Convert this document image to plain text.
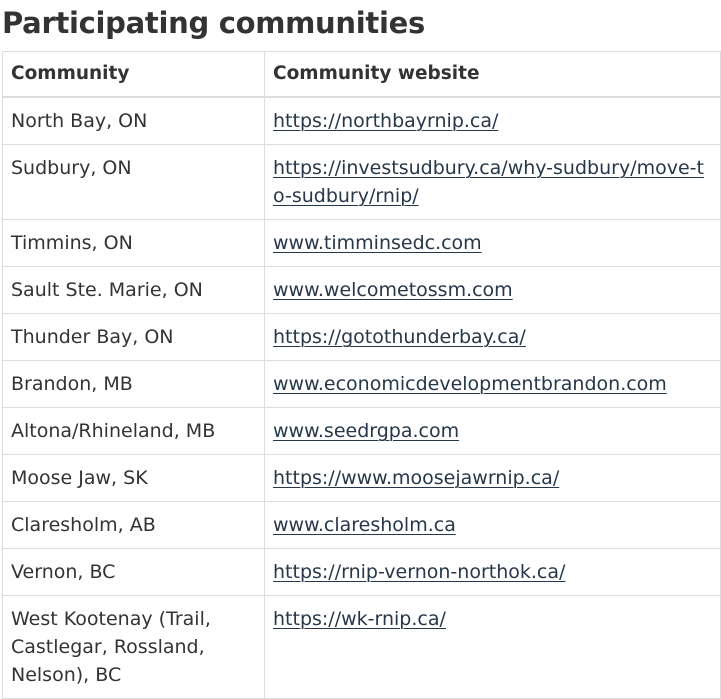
Participating communities
Community	Community website
North Bay, ON	https://northbayrnip.ca/
Sudbury, ON	https://investsudbury.ca/why-sudbury/move-to-sudbury/rnip/
Timmins, ON	www.timminsedc.com
Sault Ste. Marie, ON	www.welcometossm.com
Thunder Bay, ON	https://gotothunderbay.ca/
Brandon, MB	www.economicdevelopmentbrandon.com
Altona/Rhineland, MB	www.seedrgpa.com
Moose Jaw, SK	https://www.moosejawrnip.ca/
Claresholm, AB	www.claresholm.ca
Vernon, BC	https://rnip-vernon-northok.ca/
West Kootenay (Trail, Castlegar, Rossland, Nelson), BC	https://wk-rnip.ca/
